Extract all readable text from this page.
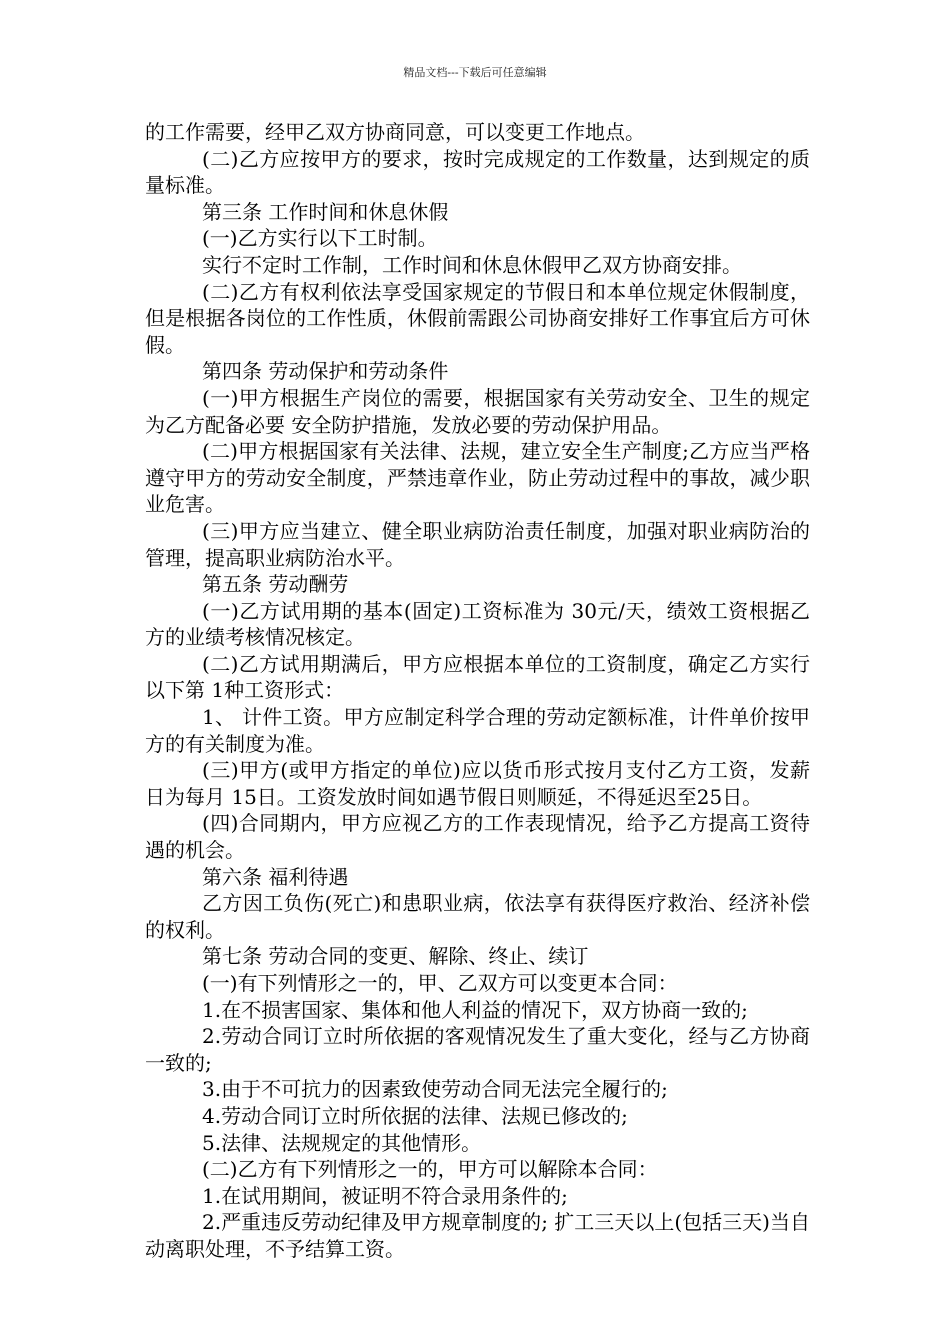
精品文档---下载后可任意编辑

的工作需要，经甲乙双方协商同意，可以变更工作地点。

(二)乙方应按甲方的要求，按时完成规定的工作数量，达到规定的质量标准。

第三条 工作时间和休息休假

(一)乙方实行以下工时制。

实行不定时工作制，工作时间和休息休假甲乙双方协商安排。

(二)乙方有权利依法享受国家规定的节假日和本单位规定休假制度，但是根据各岗位的工作性质，休假前需跟公司协商安排好工作事宜后方可休假。

第四条 劳动保护和劳动条件

(一)甲方根据生产岗位的需要，根据国家有关劳动安全、卫生的规定为乙方配备必要 安全防护措施，发放必要的劳动保护用品。

(二)甲方根据国家有关法律、法规，建立安全生产制度;乙方应当严格遵守甲方的劳动安全制度，严禁违章作业，防止劳动过程中的事故，减少职业危害。

(三)甲方应当建立、健全职业病防治责任制度，加强对职业病防治的管理，提高职业病防治水平。

第五条 劳动酬劳

(一)乙方试用期的基本(固定)工资标准为 30元/天，绩效工资根据乙方的业绩考核情况核定。

(二)乙方试用期满后，甲方应根据本单位的工资制度，确定乙方实行以下第 1种工资形式：

1、 计件工资。甲方应制定科学合理的劳动定额标准，计件单价按甲方的有关制度为准。

(三)甲方(或甲方指定的单位)应以货币形式按月支付乙方工资，发薪日为每月 15日。工资发放时间如遇节假日则顺延，不得延迟至25日。

(四)合同期内，甲方应视乙方的工作表现情况，给予乙方提高工资待遇的机会。

第六条 福利待遇

乙方因工负伤(死亡)和患职业病，依法享有获得医疗救治、经济补偿的权利。

第七条 劳动合同的变更、解除、终止、续订

(一)有下列情形之一的，甲、乙双方可以变更本合同：

1.在不损害国家、集体和他人利益的情况下，双方协商一致的;

2.劳动合同订立时所依据的客观情况发生了重大变化，经与乙方协商一致的;

3.由于不可抗力的因素致使劳动合同无法完全履行的;

4.劳动合同订立时所依据的法律、法规已修改的;

5.法律、法规规定的其他情形。

(二)乙方有下列情形之一的，甲方可以解除本合同：

1.在试用期间，被证明不符合录用条件的;

2.严重违反劳动纪律及甲方规章制度的; 扩工三天以上(包括三天)当自动离职处理，不予结算工资。
